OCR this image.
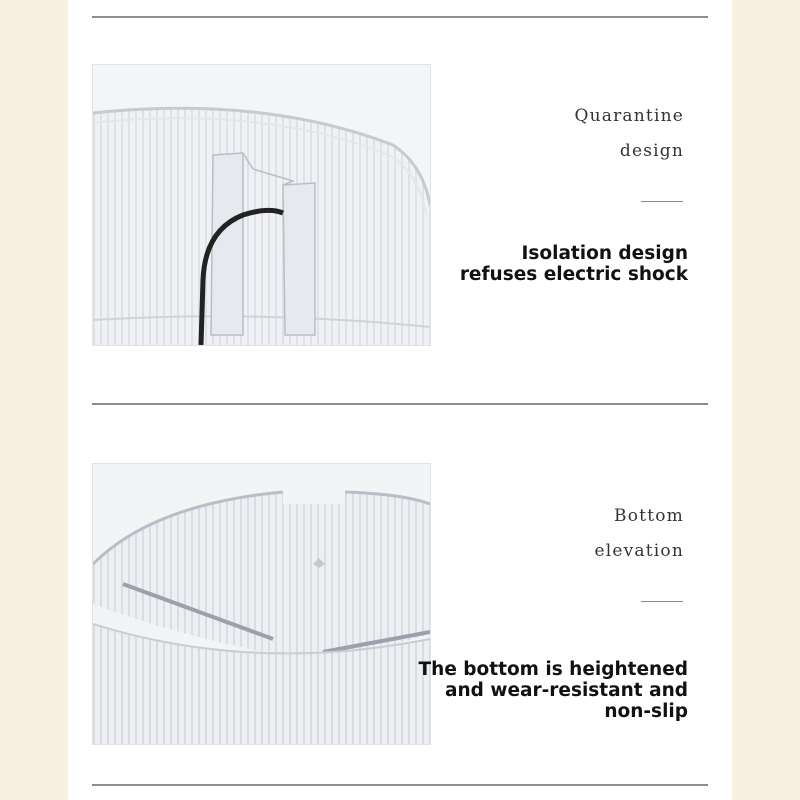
Quarantine
design
Isolation design
refuses electric shock
Bottom
elevation
The bottom is heightened
and wear-resistant and
non-slip
